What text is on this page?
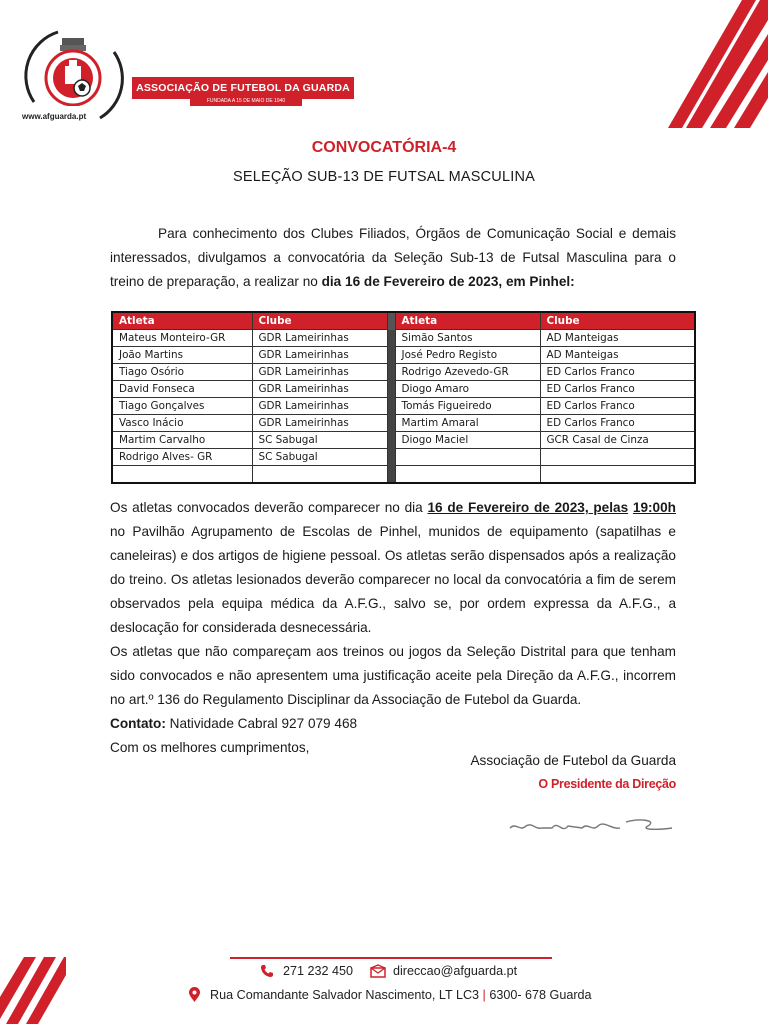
ASSOCIAÇÃO DE FUTEBOL DA GUARDA
FUNDADA A 15 DE MAIO DE 1940
www.afguarda.pt
CONVOCATÓRIA-4
SELEÇÃO SUB-13 DE FUTSAL MASCULINA

Para conhecimento dos Clubes Filiados, Órgãos de Comunicação Social e demais interessados, divulgamos a convocatória da Seleção Sub-13 de Futsal Masculina para o treino de preparação, a realizar no dia 16 de Fevereiro de 2023, em Pinhel:

Atleta	Clube		Atleta	Clube
Mateus Monteiro-GR	GDR Lameirinhas		Simão Santos	AD Manteigas
João Martins	GDR Lameirinhas		José Pedro Registo	AD Manteigas
Tiago Osório	GDR Lameirinhas		Rodrigo Azevedo-GR	ED Carlos Franco
David Fonseca	GDR Lameirinhas		Diogo Amaro	ED Carlos Franco
Tiago Gonçalves	GDR Lameirinhas		Tomás Figueiredo	ED Carlos Franco
Vasco Inácio	GDR Lameirinhas		Martim Amaral	ED Carlos Franco
Martim Carvalho	SC Sabugal		Diogo Maciel	GCR Casal de Cinza
Rodrigo Alves- GR	SC Sabugal			

Os atletas convocados deverão comparecer no dia 16 de Fevereiro de 2023, pelas 19:00h no Pavilhão Agrupamento de Escolas de Pinhel, munidos de equipamento (sapatilhas e caneleiras) e dos artigos de higiene pessoal. Os atletas serão dispensados após a realização do treino. Os atletas lesionados deverão comparecer no local da convocatória a fim de serem observados pela equipa médica da A.F.G., salvo se, por ordem expressa da A.F.G., a deslocação for considerada desnecessária.

Os atletas que não compareçam aos treinos ou jogos da Seleção Distrital para que tenham sido convocados e não apresentem uma justificação aceite pela Direção da A.F.G., incorrem no art.º 136 do Regulamento Disciplinar da Associação de Futebol da Guarda.

Contato: Natividade Cabral 927 079 468

Com os melhores cumprimentos,

Associação de Futebol da Guarda
O Presidente da Direção
271 232 450	direccao@afguarda.pt
Rua Comandante Salvador Nascimento, LT LC3 | 6300- 678 Guarda
